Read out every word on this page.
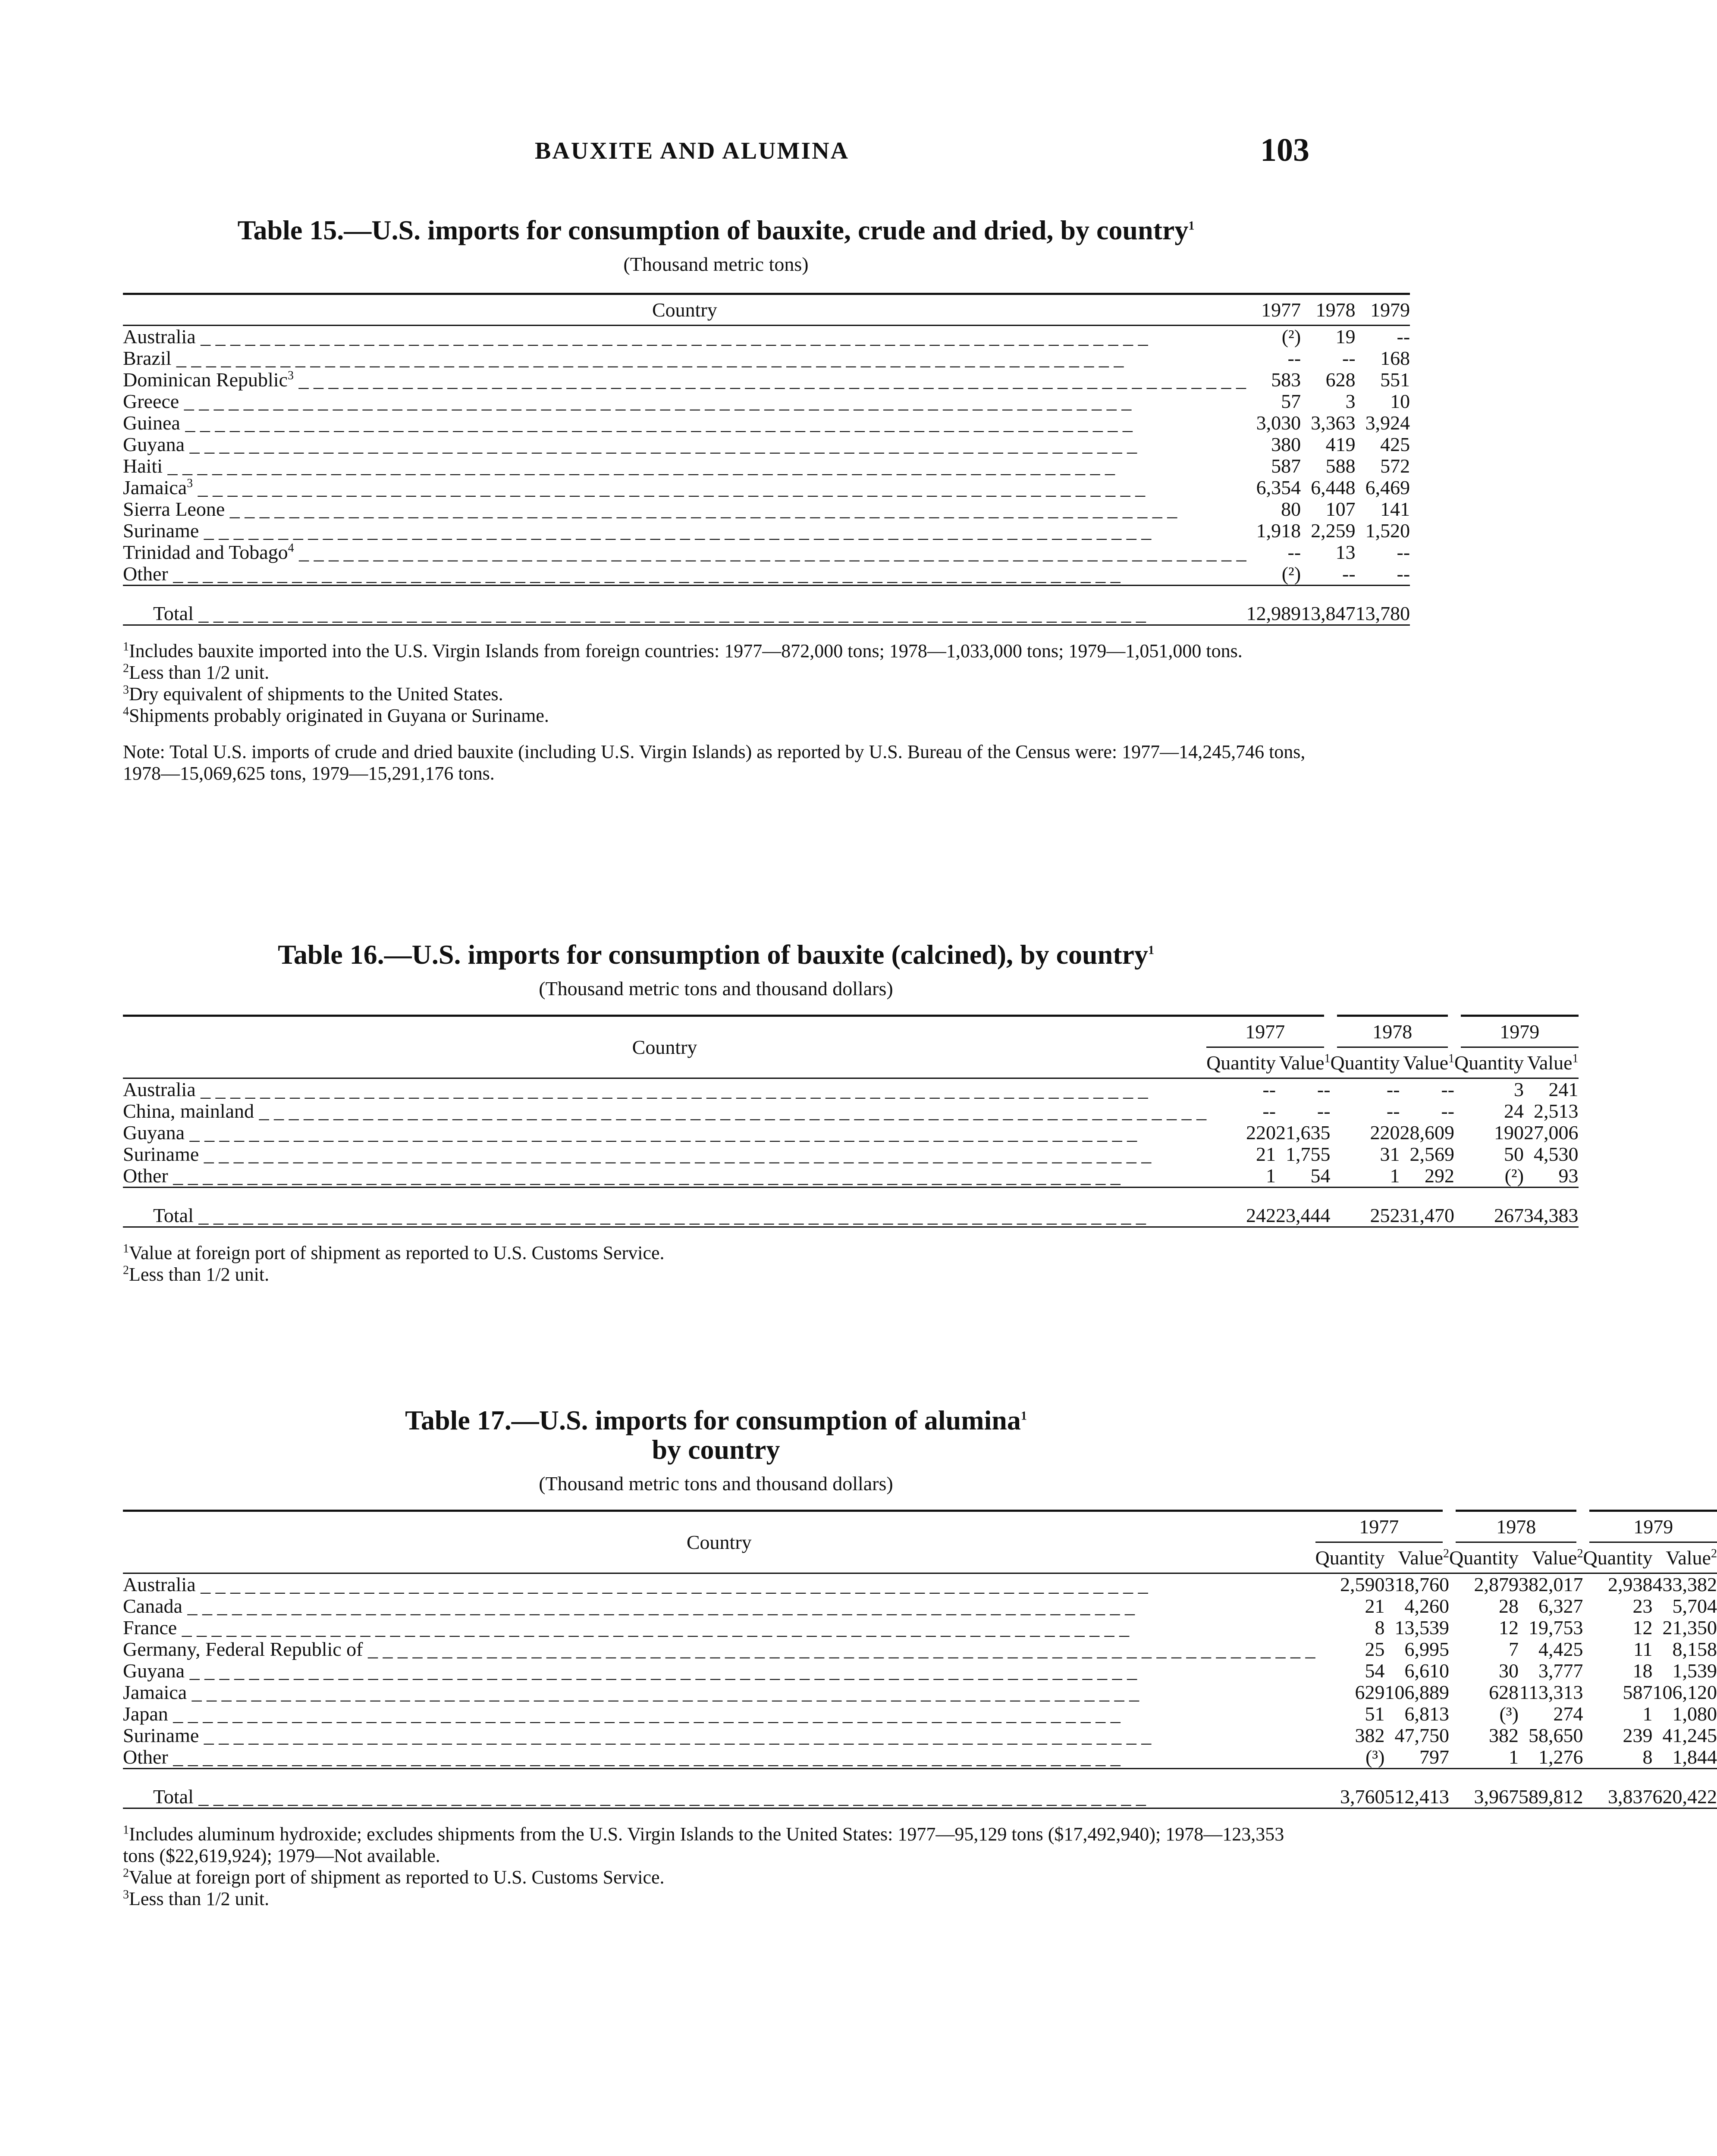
BAUXITE AND ALUMINA	103
Table 15.—U.S. imports for consumption of bauxite, crude and dried, by country$^1$
(Thousand metric tons)
Country	1977	1978	1979
Australia _ _ _	(²)	19	--
Brazil _ _ _	--	--	168
Dominican Republic$^3$ _ _ _	583	628	551
Greece _ _ _	57	3	10
Guinea _ _ _	3,030	3,363	3,924
Guyana _ _ _	380	419	425
Haiti _ _ _	587	588	572
Jamaica$^3$ _ _ _	6,354	6,448	6,469
Sierra Leone _ _ _	80	107	141
Suriname _ _ _	1,918	2,259	1,520
Trinidad and Tobago$^4$ _ _ _	--	13	--
Other _ _ _	(²)	--	--

Total _ _ _	12,989	13,847	13,780

$^1$Includes bauxite imported into the U.S. Virgin Islands from foreign countries: 1977—872,000 tons; 1978—1,033,000 tons; 1979—1,051,000 tons.

$^2$Less than 1/2 unit.

$^3$Dry equivalent of shipments to the United States.

$^4$Shipments probably originated in Guyana or Suriname.

Note: Total U.S. imports of crude and dried bauxite (including U.S. Virgin Islands) as reported by U.S. Bureau of the Census were: 1977—14,245,746 tons, 1978—15,069,625 tons, 1979—15,291,176 tons.

Table 16.—U.S. imports for consumption of bauxite (calcined), by country$^1$
(Thousand metric tons and thousand dollars)
Country	1977		1978		1979	
	Quantity	Value$^1$	Quantity	Value$^1$	Quantity	Value$^1$
Australia _ _ _	--	--	--	--	3	241
China, mainland _ _ _	--	--	--	--	24	2,513
Guyana _ _ _	220	21,635	220	28,609	190	27,006
Suriname _ _ _	21	1,755	31	2,569	50	4,530
Other _ _ _	1	54	1	292	(²)	93

Total _ _ _	242	23,444	252	31,470	267	34,383

$^1$Value at foreign port of shipment as reported to U.S. Customs Service.

$^2$Less than 1/2 unit.

Table 17.—U.S. imports for consumption of alumina$^1$
by country
(Thousand metric tons and thousand dollars)
Country	1977		1978		1979	
	Quantity	Value$^2$	Quantity	Value$^2$	Quantity	Value$^2$
Australia _ _ _	2,590	318,760	2,879	382,017	2,938	433,382
Canada _ _ _	21	4,260	28	6,327	23	5,704
France _ _ _	8	13,539	12	19,753	12	21,350
Germany, Federal Republic of _ _ _	25	6,995	7	4,425	11	8,158
Guyana _ _ _	54	6,610	30	3,777	18	1,539
Jamaica _ _ _	629	106,889	628	113,313	587	106,120
Japan _ _ _	51	6,813	(³)	274	1	1,080
Suriname _ _ _	382	47,750	382	58,650	239	41,245
Other _ _ _	(³)	797	1	1,276	8	1,844

Total _ _ _	3,760	512,413	3,967	589,812	3,837	620,422

$^1$Includes aluminum hydroxide; excludes shipments from the U.S. Virgin Islands to the United States: 1977—95,129 tons ($17,492,940); 1978—123,353 tons ($22,619,924); 1979—Not available.

$^2$Value at foreign port of shipment as reported to U.S. Customs Service.

$^3$Less than 1/2 unit.
